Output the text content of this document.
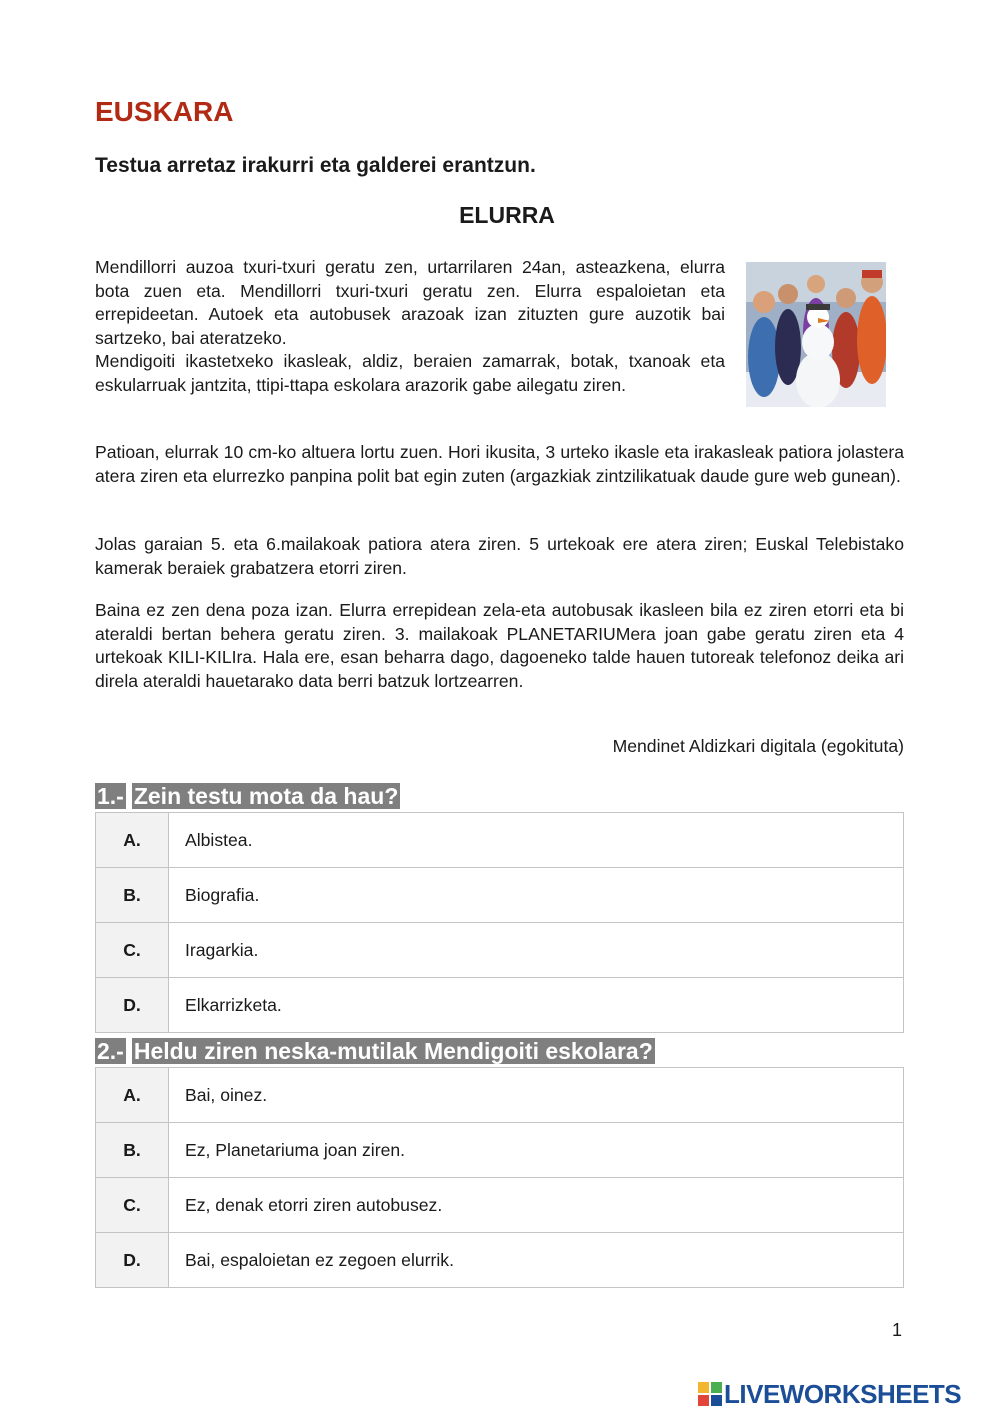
EUSKARA
Testua arretaz irakurri eta galderei erantzun.
ELURRA

Mendillorri auzoa txuri-txuri geratu zen, urtarrilaren 24an, asteazkena, elurra bota zuen eta. Mendillorri txuri-txuri geratu zen. Elurra espaloietan eta errepideetan. Autoek eta autobusek arazoak izan zituzten gure auzotik bai sartzeko, bai ateratzeko.

Mendigoiti ikastetxeko ikasleak, aldiz, beraien zamarrak, botak, txanoak eta eskularruak jantzita, ttipi-ttapa eskolara arazorik gabe ailegatu ziren.

Patioan, elurrak 10 cm-ko altuera lortu zuen. Hori ikusita, 3 urteko ikasle eta irakasleak patiora jolastera atera ziren eta elurrezko panpina polit bat egin zuten (argazkiak zintzilikatuak daude gure web gunean).

Jolas garaian 5. eta 6.mailakoak patiora atera ziren. 5 urtekoak ere atera ziren; Euskal Telebistako kamerak beraiek grabatzera etorri ziren.

Baina ez zen dena poza izan. Elurra errepidean zela-eta autobusak ikasleen bila ez ziren etorri eta bi ateraldi bertan behera geratu ziren. 3. mailakoak PLANETARIUMera joan gabe geratu ziren eta 4 urtekoak KILI-KILIra. Hala ere, esan beharra dago, dagoeneko talde hauen tutoreak telefonoz deika ari direla ateraldi hauetarako data berri batzuk lortzearren.

Mendinet Aldizkari digitala (egokituta)

1.- Zein testu mota da hau?
A.	Albistea.
B.	Biografia.
C.	Iragarkia.
D.	Elkarrizketa.
2.- Heldu ziren neska-mutilak Mendigoiti eskolara?
A.	Bai, oinez.
B.	Ez, Planetariuma joan ziren.
C.	Ez, denak etorri ziren autobusez.
D.	Bai, espaloietan ez zegoen elurrik.

1

LIVEWORKSHEETS
